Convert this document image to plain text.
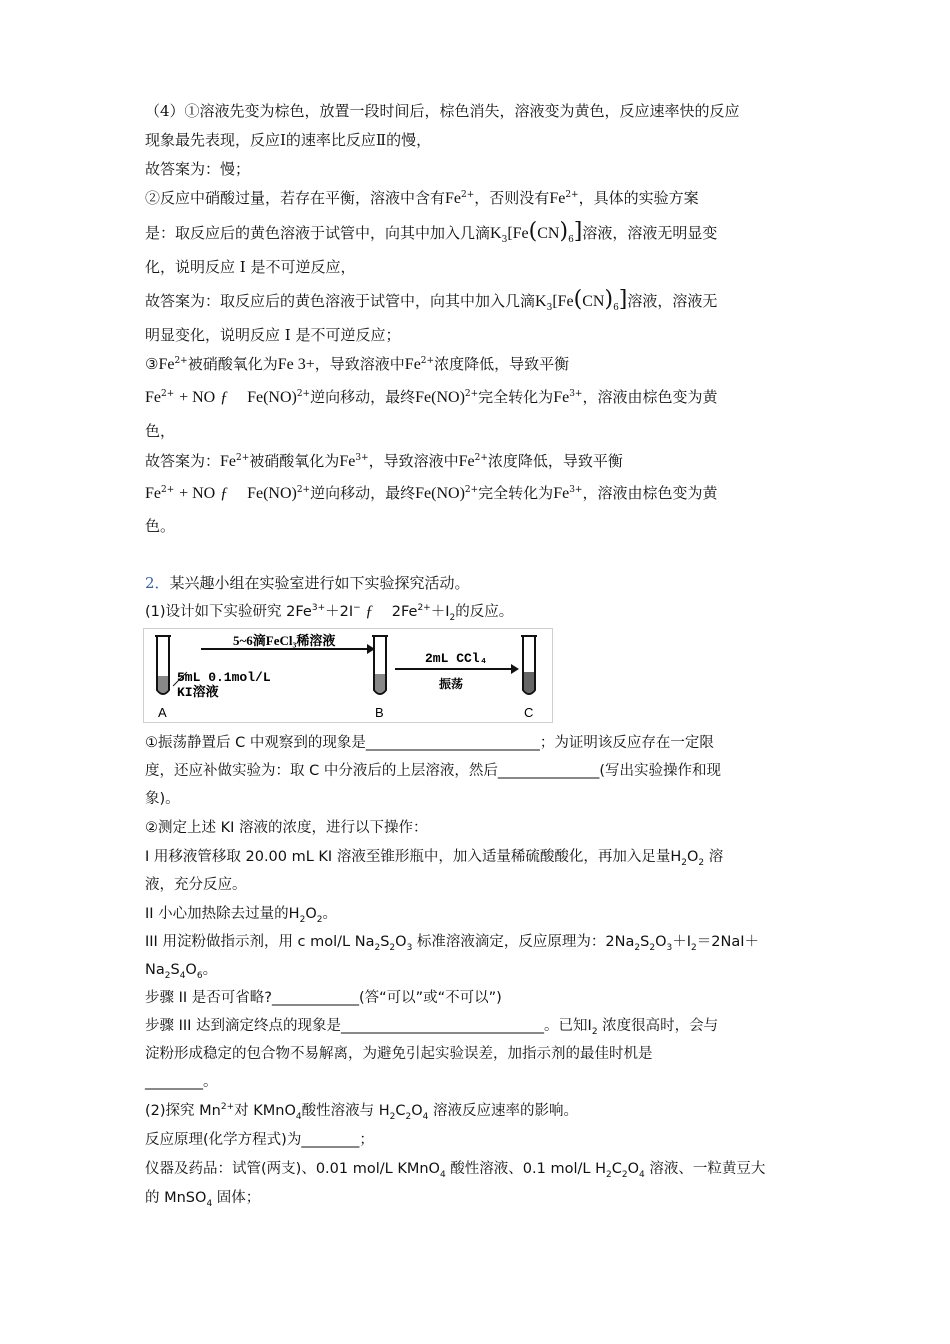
（4）①溶液先变为棕色，放置一段时间后，棕色消失，溶液变为黄色，反应速率快的反应
现象最先表现，反应Ⅰ的速率比反应Ⅱ的慢，
故答案为：慢；
②反应中硝酸过量，若存在平衡，溶液中含有$Fe^{2+}$，否则没有$Fe^{2+}$，具体的实验方案
是：取反应后的黄色溶液于试管中，向其中加入几滴$K_3[Fe(CN)_6]$溶液，溶液无明显变
化，说明反应 I 是不可逆反应，
故答案为：取反应后的黄色溶液于试管中，向其中加入几滴$K_3[Fe(CN)_6]$溶液，溶液无
明显变化，说明反应 I 是不可逆反应；
$③Fe^{2+}$被硝酸氧化为Fe 3+，导致溶液中$Fe^{2+}$浓度降低，导致平衡
$Fe^{2+}$ + NO ƒ Fe(NO)$^{2+}$逆向移动，最终Fe(NO)$^{2+}$完全转化为$Fe^{3+}$，溶液由棕色变为黄
色，
故答案为：$Fe^{2+}$被硝酸氧化为$Fe^{3+}$，导致溶液中$Fe^{2+}$浓度降低，导致平衡
$Fe^{2+}$ + NO ƒ Fe(NO)$^{2+}$逆向移动，最终Fe(NO)$^{2+}$完全转化为$Fe^{3+}$，溶液由棕色变为黄
色。
2．某兴趣小组在实验室进行如下实验探究活动。
(1)设计如下实验研究 $2Fe^{3+}+2I^-$ ƒ $2Fe^{2+}+I_2$的反应。
5~6滴FeCl₃稀溶液
5mL 0.1mol/L
KI溶液
2mL CCl₄
振荡
A	B	C
①振荡静置后 C 中观察到的现象是________________________；为证明该反应存在一定限
度，还应补做实验为：取 C 中分液后的上层溶液，然后______________(写出实验操作和现
象)。
②测定上述 KI 溶液的浓度，进行以下操作：
I 用移液管移取 20.00 mL KI 溶液至锥形瓶中，加入适量稀硫酸酸化，再加入足量$H_2O_2$ 溶
液，充分反应。
II 小心加热除去过量的$H_2O_2$。
III 用淀粉做指示剂，用 c mol/L $Na_2S_2O_3$ 标准溶液滴定，反应原理为：$2Na_2S_2O_3+I_2=2NaI+$
$Na_2S_4O_6$。
步骤 II 是否可省略?____________(答“可以”或“不可以”)
步骤 III 达到滴定终点的现象是____________________________。已知$I_2$ 浓度很高时，会与
淀粉形成稳定的包合物不易解离，为避免引起实验误差，加指示剂的最佳时机是
________。
(2)探究 $Mn^{2+}$对 KMnO$_4$酸性溶液与 $H_2C_2O_4$ 溶液反应速率的影响。
反应原理(化学方程式)为________；
仪器及药品：试管(两支)、0.01 mol/L KMnO$_4$ 酸性溶液、0.1 mol/L $H_2C_2O_4$ 溶液、一粒黄豆大
的 MnSO$_4$ 固体；
